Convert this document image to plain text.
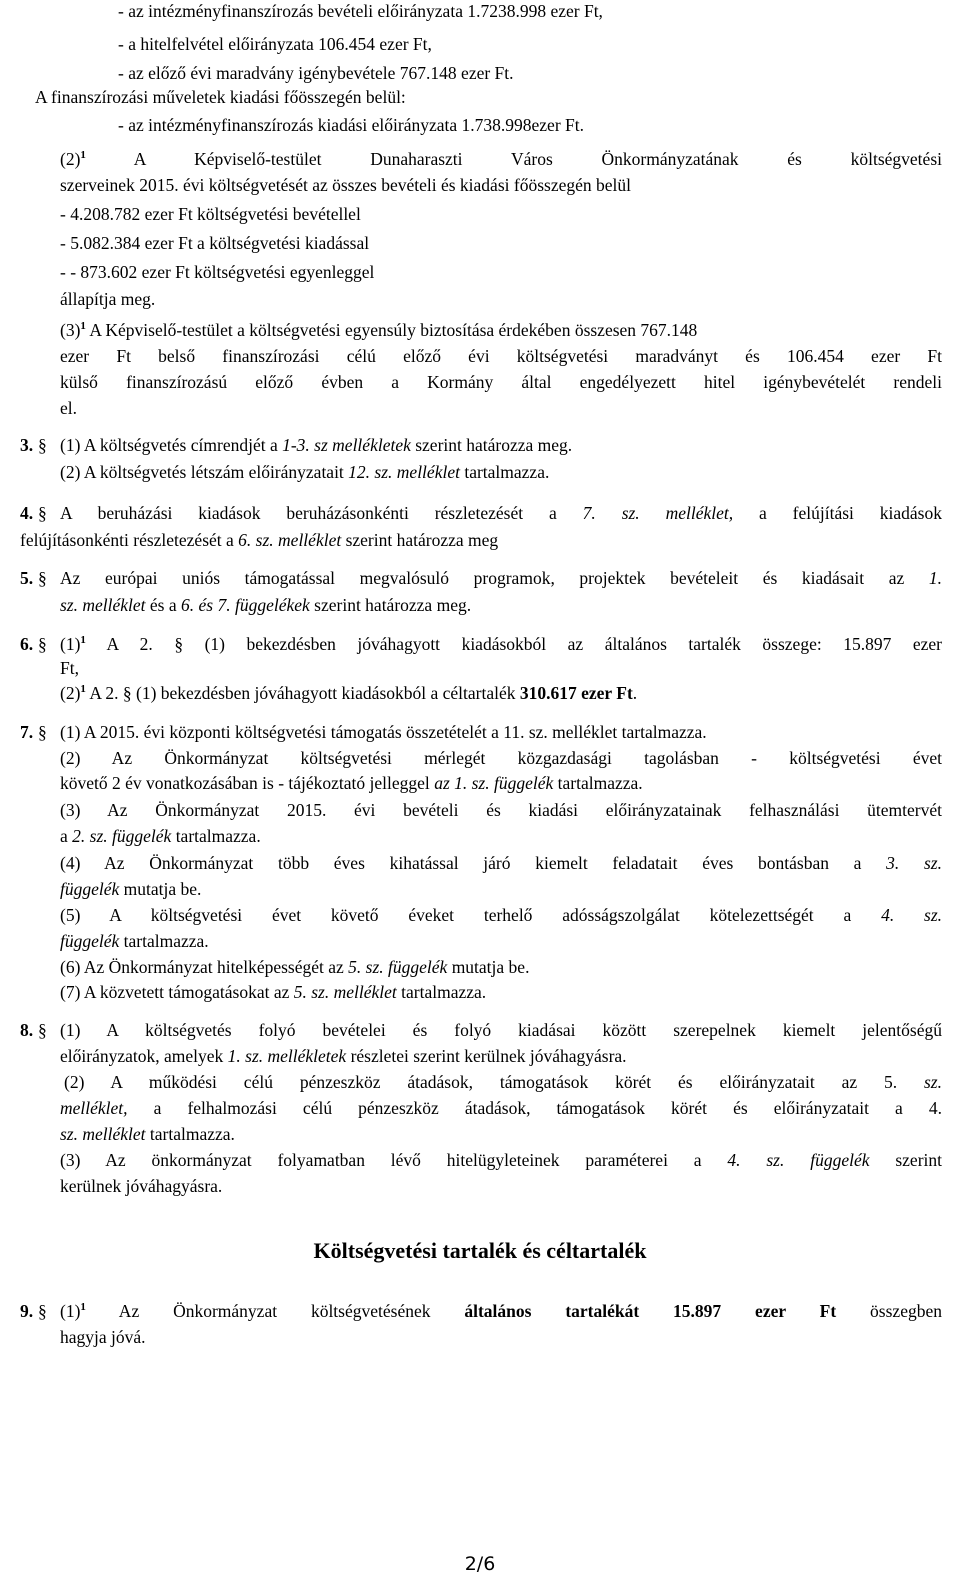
- az intézményfinanszírozás bevételi előirányzata 1.7238.998 ezer Ft,
- a hitelfelvétel előirányzata 106.454 ezer Ft,
- az előző évi maradvány igénybevétele 767.148 ezer Ft.
A finanszírozási műveletek kiadási főösszegén belül:
- az intézményfinanszírozás kiadási előirányzata 1.738.998ezer Ft.
$(2)^1$	A Képviselő-testület Dunaharaszti Város Önkormányzatának és költségvetési
szerveinek 2015. évi költségvetését az összes bevételi és kiadási főösszegén belül
- 4.208.782 ezer Ft költségvetési bevétellel
- 5.082.384 ezer Ft a költségvetési kiadással
- - 873.602 ezer Ft költségvetési egyenleggel
állapítja meg.
$(3)^1$ A Képviselő-testület a költségvetési egyensúly biztosítása érdekében összesen 767.148
ezer Ft belső finanszírozási célú előző évi költségvetési maradványt és 106.454 ezer Ft
külső finanszírozású előző évben a Kormány által engedélyezett hitel igénybevételét rendeli
el.
3. § (1) A költségvetés címrendjét a 1-3. sz mellékletek szerint határozza meg.
(2) A költségvetés létszám előirányzatait 12. sz. melléklet tartalmazza.
4. § A beruházási kiadások beruházásonkénti részletezését a 7. sz. melléklet, a felújítási kiadások
felújításonkénti részletezését a 6. sz. melléklet szerint határozza meg
5. § Az európai uniós támogatással megvalósuló programok, projektek bevételeit és kiadásait az 1.
sz. melléklet és a 6. és 7. függelékek szerint határozza meg.
6. § $(1)^1$ A 2. § (1) bekezdésben jóváhagyott kiadásokból az általános tartalék összege: 15.897 ezer
Ft,
$(2)^1$ A 2. § (1) bekezdésben jóváhagyott kiadásokból a céltartalék 310.617 ezer Ft.
7. § (1) A 2015. évi központi költségvetési támogatás összetételét a 11. sz. melléklet tartalmazza.
(2) Az Önkormányzat költségvetési mérlegét közgazdasági tagolásban - költségvetési évet
követő 2 év vonatkozásában is - tájékoztató jelleggel az 1. sz. függelék tartalmazza.
(3) Az Önkormányzat 2015. évi bevételi és kiadási előirányzatainak felhasználási ütemtervét
a 2. sz. függelék tartalmazza.
(4) Az Önkormányzat több éves kihatással járó kiemelt feladatait éves bontásban a 3. sz.
függelék mutatja be.
(5) A költségvetési évet követő éveket terhelő adósságszolgálat kötelezettségét a 4. sz.
függelék tartalmazza.
(6) Az Önkormányzat hitelképességét az 5. sz. függelék mutatja be.
(7) A közvetett támogatásokat az 5. sz. melléklet tartalmazza.
8. § (1) A költségvetés folyó bevételei és folyó kiadásai között szerepelnek kiemelt jelentőségű
előirányzatok, amelyek 1. sz. mellékletek részletei szerint kerülnek jóváhagyásra.
(2) A működési célú pénzeszköz átadások, támogatások körét és előirányzatait az 5. sz.
melléklet, a felhalmozási célú pénzeszköz átadások, támogatások körét és előirányzatait a 4.
sz. melléklet tartalmazza.
(3) Az önkormányzat folyamatban lévő hitelügyleteinek paraméterei a 4. sz. függelék szerint
kerülnek jóváhagyásra.
Költségvetési tartalék és céltartalék
9. § $(1)^1$ Az Önkormányzat költségvetésének általános tartalékát 15.897 ezer Ft összegben
hagyja jóvá.
2/6
